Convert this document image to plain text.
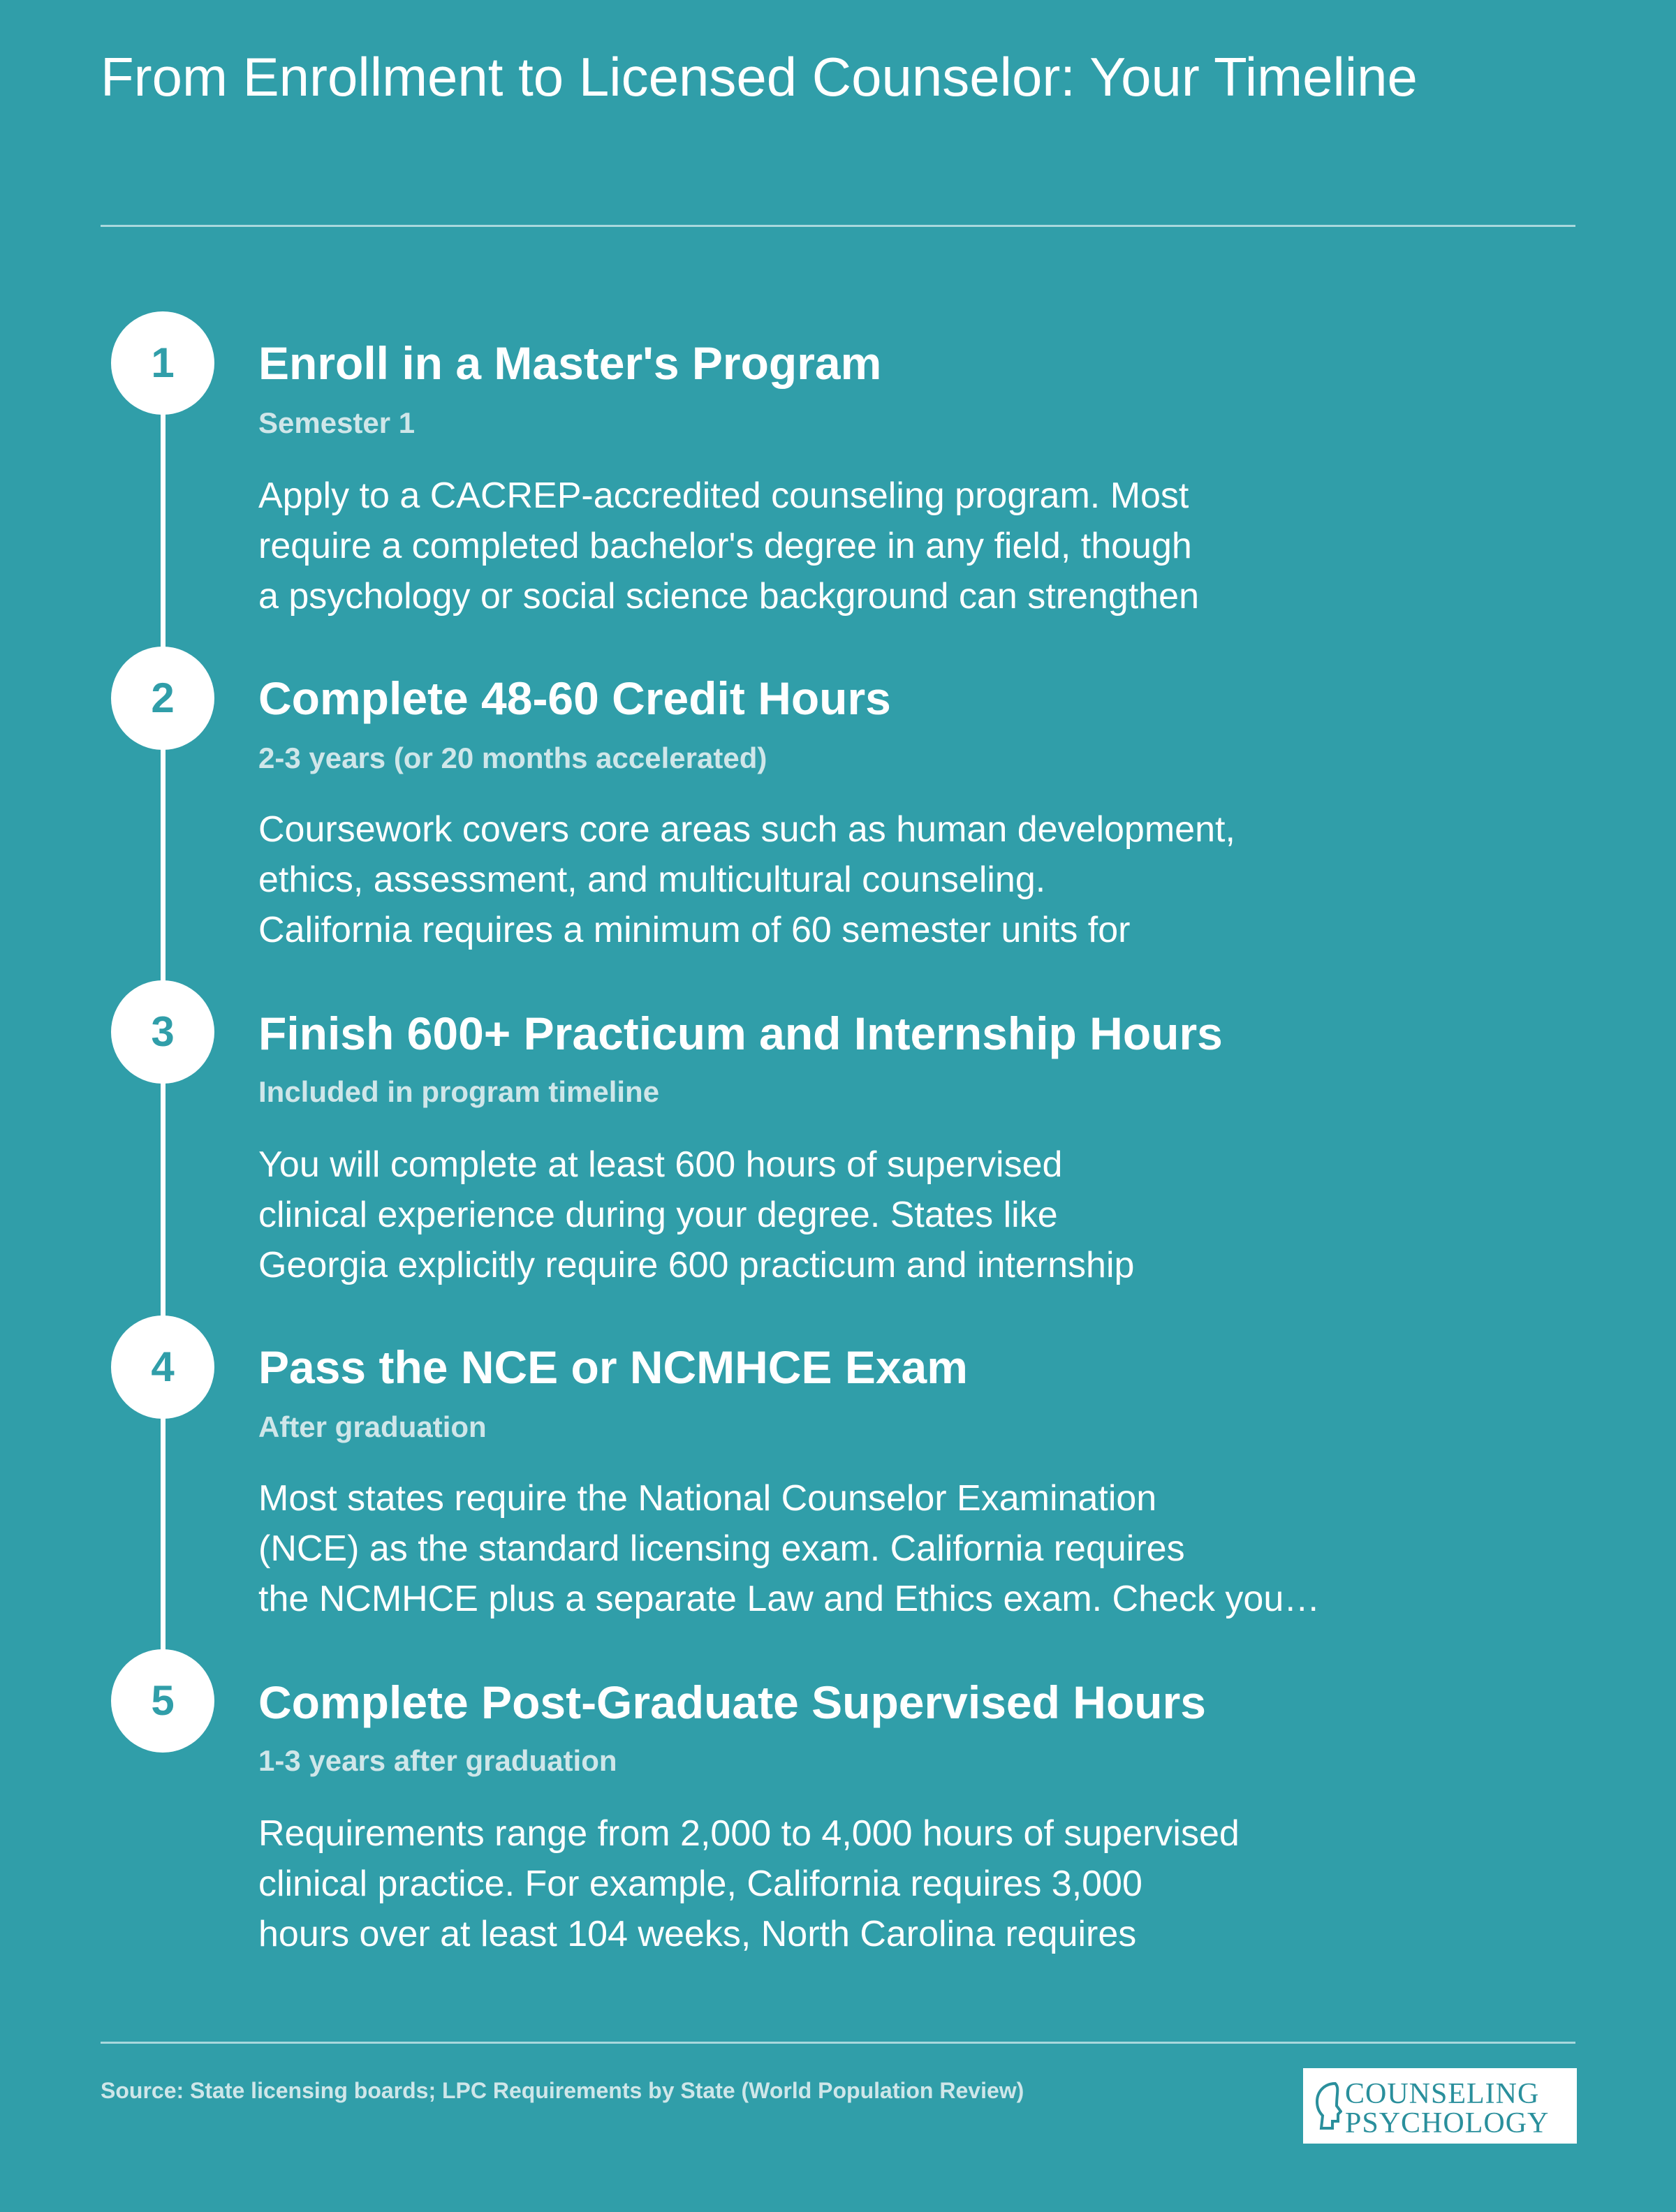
From Enrollment to Licensed Counselor: Your Timeline
1	Enroll in a Master's Program
Semester 1
Apply to a CACREP-accredited counseling program. Most
require a completed bachelor's degree in any field, though
a psychology or social science background can strengthen
2	Complete 48-60 Credit Hours
2-3 years (or 20 months accelerated)
Coursework covers core areas such as human development,
ethics, assessment, and multicultural counseling.
California requires a minimum of 60 semester units for
3	Finish 600+ Practicum and Internship Hours
Included in program timeline
You will complete at least 600 hours of supervised
clinical experience during your degree. States like
Georgia explicitly require 600 practicum and internship
4	Pass the NCE or NCMHCE Exam
After graduation
Most states require the National Counselor Examination
(NCE) as the standard licensing exam. California requires
the NCMHCE plus a separate Law and Ethics exam. Check you…
5	Complete Post-Graduate Supervised Hours
1-3 years after graduation
Requirements range from 2,000 to 4,000 hours of supervised
clinical practice. For example, California requires 3,000
hours over at least 104 weeks, North Carolina requires
Source: State licensing boards; LPC Requirements by State (World Population Review)	COUNSELING
PSYCHOLOGY
